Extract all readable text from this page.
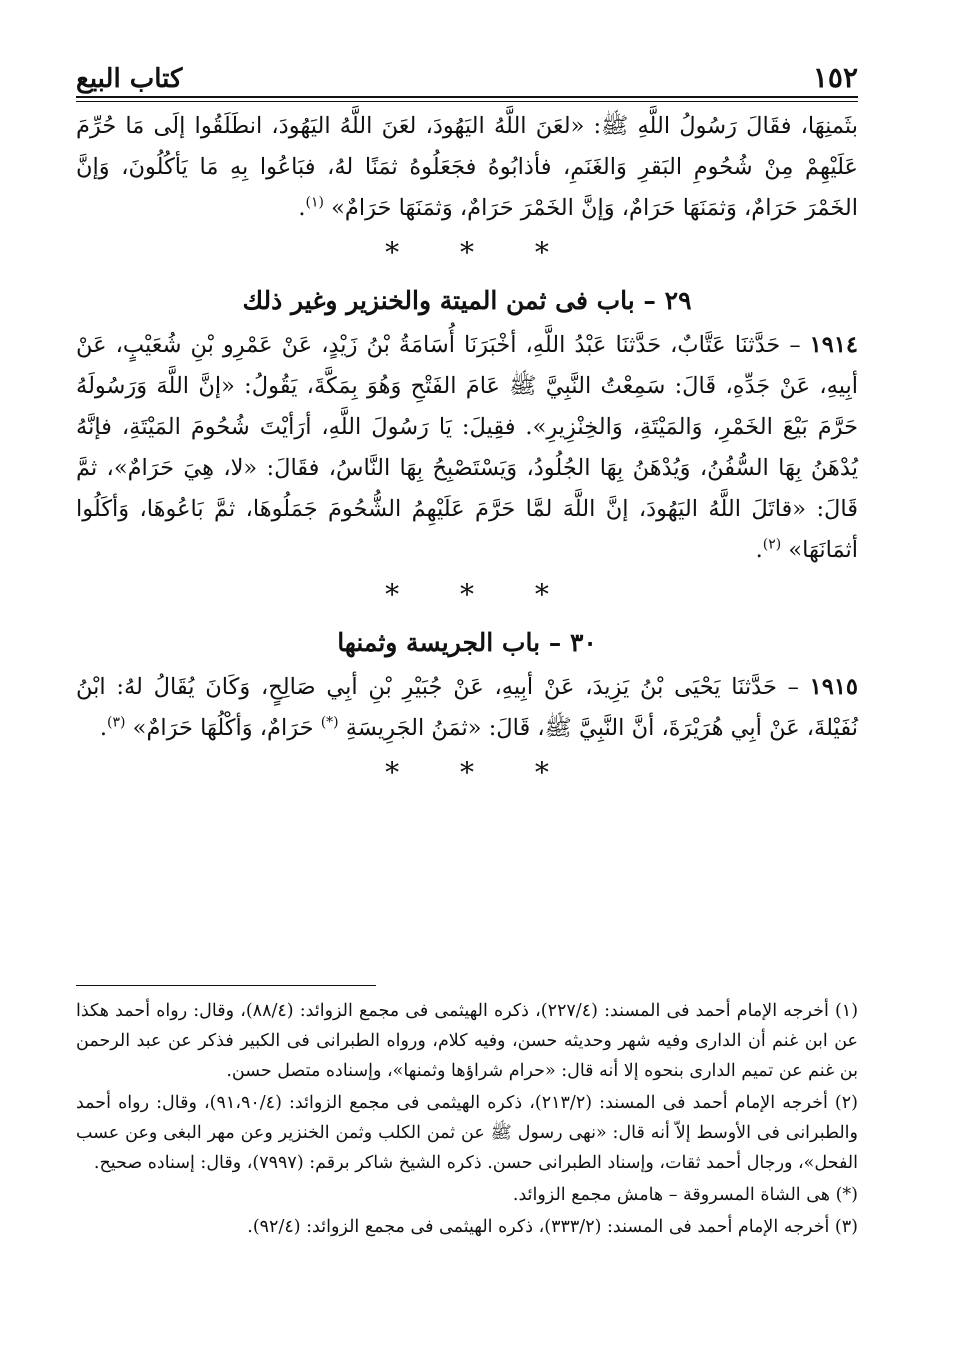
١٥٢
كتاب البيع

بثَمنِهَا، فقَالَ رَسُولُ اللَّهِ ﷺ: «لعَنَ اللَّهُ اليَهُودَ، لعَنَ اللَّهُ اليَهُودَ، انطَلَقُوا إلَى مَا حُرِّمَ عَلَيْهِمْ مِنْ شُحُومِ البَقرِ وَالغَنَمِ، فأذابُوهُ فجَعَلُوهُ ثمَنًا لهُ، فبَاعُوا بِهِ مَا يَأكُلُونَ، وَإنَّ الخَمْرَ حَرَامٌ، وَثمَنَهَا حَرَامٌ، وَإنَّ الخَمْرَ حَرَامٌ، وَثمَنَهَا حَرَامٌ» $^{(١)}$.

* * *
٢٩ – باب فى ثمن الميتة والخنزير وغير ذلك

١٩١٤ – حَدَّثنَا عَتَّابٌ، حَدَّثنَا عَبْدُ اللَّهِ، أخْبَرَنَا أُسَامَةُ بْنُ زَيْدٍ، عَنْ عَمْرِو بْنِ شُعَيْبٍ، عَنْ أبِيهِ، عَنْ جَدِّهِ، قَالَ: سَمِعْتُ النَّبِيَّ ﷺ عَامَ الفَتْحِ وَهُوَ بِمَكَّةَ، يَقُولُ: «إنَّ اللَّهَ وَرَسُولَهُ حَرَّمَ بَيْعَ الخَمْرِ، وَالمَيْتَةِ، وَالخِنْزِيرِ». فقِيلَ: يَا رَسُولَ اللَّهِ، أرَأيْتَ شُحُومَ المَيْتَةِ، فإنَّهُ يُدْهَنُ بِهَا السُّفُنُ، وَيُدْهَنُ بِهَا الجُلُودُ، وَيَسْتَصْبِحُ بِهَا النَّاسُ، فقَالَ: «لا، هِيَ حَرَامٌ»، ثمَّ قَالَ: «قاتَلَ اللَّهُ اليَهُودَ، إنَّ اللَّهَ لمَّا حَرَّمَ عَلَيْهِمُ الشُّحُومَ جَمَلُوهَا، ثمَّ بَاعُوهَا، وَأكَلُوا أثمَانَهَا» $^{(٢)}$.

* * *
٣٠ – باب الجريسة وثمنها

١٩١٥ – حَدَّثنَا يَحْيَى بْنُ يَزِيدَ، عَنْ أبِيهِ، عَنْ جُبَيْرِ بْنِ أبِي صَالِحٍ، وَكَانَ يُقَالُ لهُ: ابْنُ نُفَيْلةَ، عَنْ أبِي هُرَيْرَةَ، أنَّ النَّبِيَّ ﷺ، قَالَ: «ثمَنُ الجَرِيسَةِ (*) حَرَامٌ، وَأكْلُهَا حَرَامٌ» $^{(٣)}$.

* * *

(١) أخرجه الإمام أحمد فى المسند: (٢٢٧/٤)، ذكره الهيثمى فى مجمع الزوائد: (٨٨/٤)، وقال: رواه أحمد هكذا عن ابن غنم أن الدارى وفيه شهر وحديثه حسن، وفيه كلام، ورواه الطبرانى فى الكبير فذكر عن عبد الرحمن بن غنم عن تميم الدارى بنحوه إلا أنه قال: «حرام شراؤها وثمنها»، وإسناده متصل حسن.

(٢) أخرجه الإمام أحمد فى المسند: (٢١٣/٢)، ذكره الهيثمى فى مجمع الزوائد: (٩١،٩٠/٤)، وقال: رواه أحمد والطبرانى فى الأوسط إلاّ أنه قال: «نهى رسول ﷺ عن ثمن الكلب وثمن الخنزير وعن مهر البغى وعن عسب الفحل»، ورجال أحمد ثقات، وإسناد الطبرانى حسن. ذكره الشيخ شاكر برقم: (٧٩٩٧)، وقال: إسناده صحيح.

(*) هى الشاة المسروقة – هامش مجمع الزوائد.

(٣) أخرجه الإمام أحمد فى المسند: (٣٣٣/٢)، ذكره الهيثمى فى مجمع الزوائد: (٩٢/٤).
